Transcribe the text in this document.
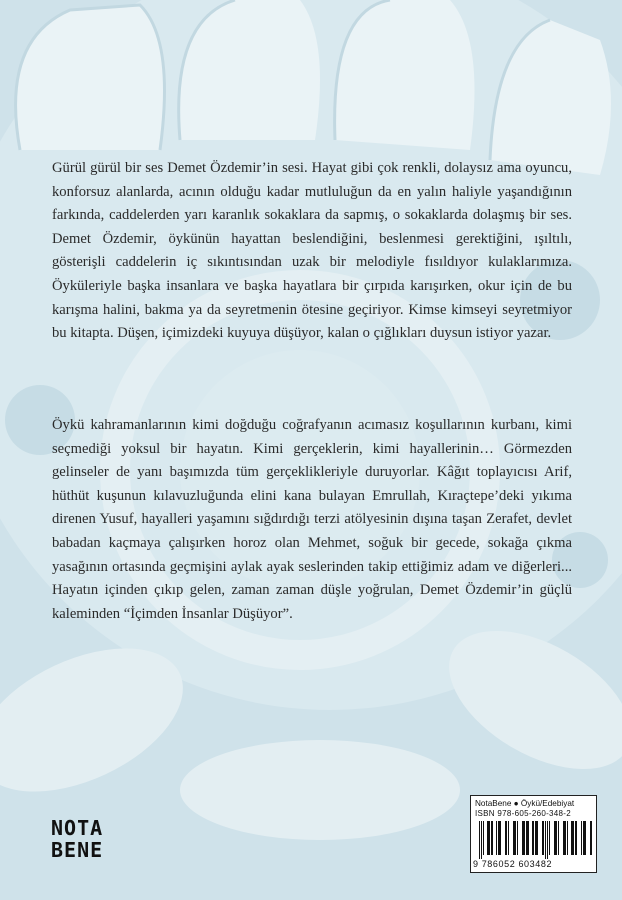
Gürül gürül bir ses Demet Özdemir’in sesi. Hayat gibi çok renkli, dolaysız ama oyuncu, konforsuz alanlarda, acının olduğu kadar mutluluğun da en yalın haliyle yaşandığının farkında, caddelerden yarı karanlık sokaklara da sapmış, o sokaklarda dolaşmış bir ses. Demet Özdemir, öykünün hayattan beslendiğini, beslenmesi gerektiğini, ışıltılı, gösterişli caddelerin iç sıkıntısından uzak bir melodiyle fısıldıyor kulaklarımıza. Öyküleriyle başka insanlara ve başka hayatlara bir çırpıda karışırken, okur için de bu karışma halini, bakma ya da seyretmenin ötesine geçiriyor. Kimse kimseyi seyretmiyor bu kitapta. Düşen, içimizdeki kuyuya düşüyor, kalan o çığlıkları duysun istiyor yazar.

Öykü kahramanlarının kimi doğduğu coğrafyanın acımasız koşullarının kurbanı, kimi seçmediği yoksul bir hayatın. Kimi gerçeklerin, kimi hayallerinin… Görmezden gelinseler de yanı başımızda tüm gerçeklikleriyle duruyorlar. Kâğıt toplayıcısı Arif, hüthüt kuşunun kılavuzluğunda elini kana bulayan Emrullah, Kıraçtepe’deki yıkıma direnen Yusuf, hayalleri yaşamını sığdırdığı terzi atölyesinin dışına taşan Zerafet, devlet babadan kaçmaya çalışırken horoz olan Mehmet, soğuk bir gecede, sokağa çıkma yasağının ortasında geçmişini aylak ayak seslerinden takip ettiğimiz adam ve diğerleri... Hayatın içinden çıkıp gelen, zaman zaman düşle yoğrulan, Demet Özdemir’in güçlü kaleminden “İçimden İnsanlar Düşüyor”.

NOTA
BENE
NotaBene ● Öykü/Edebiyat
ISBN 978-605-260-348-2
9 786052 603482
